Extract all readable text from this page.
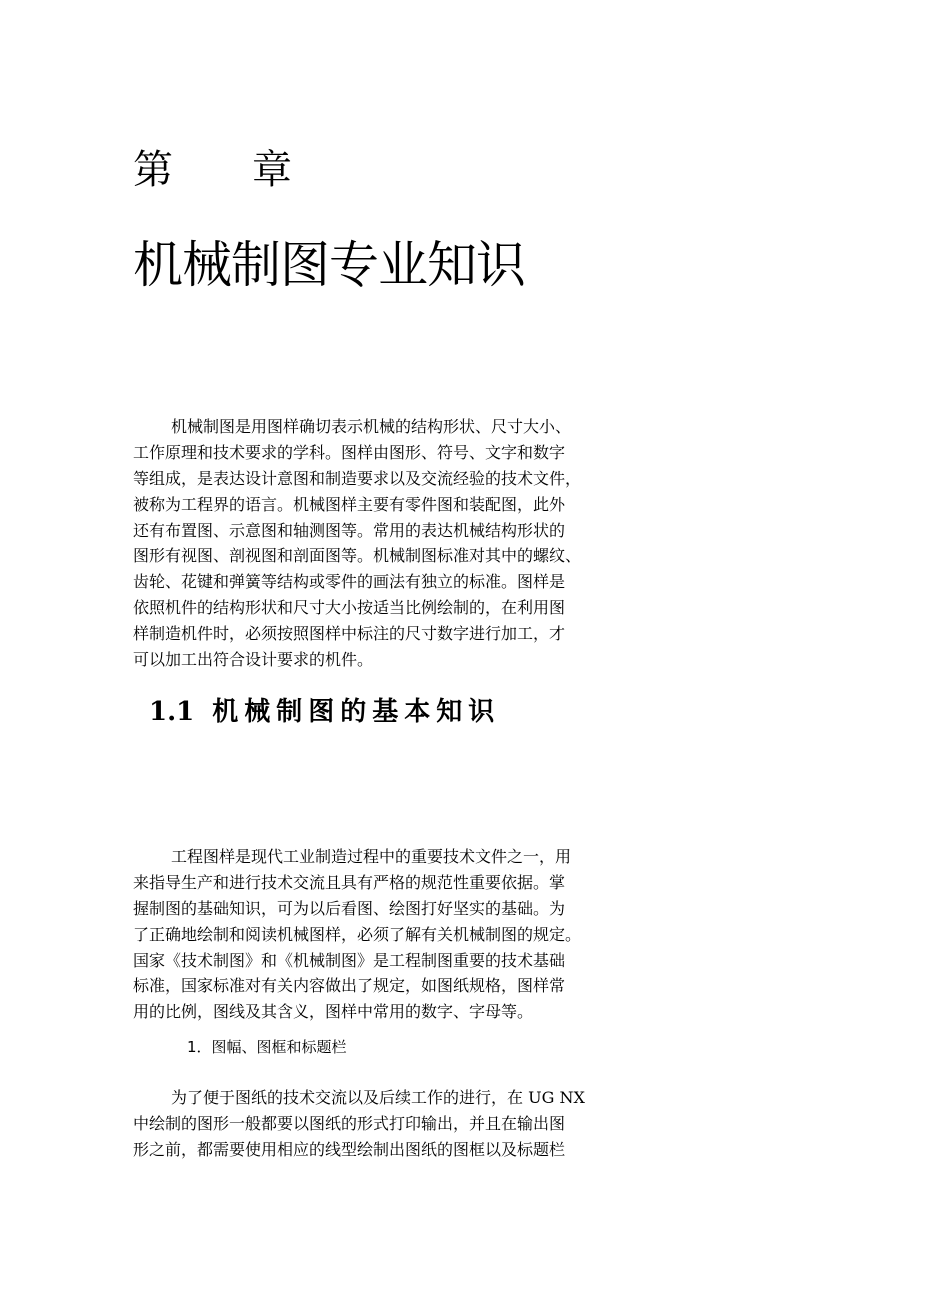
第 章
机械制图专业知识
机械制图是用图样确切表示机械的结构形状、尺寸大小、
工作原理和技术要求的学科。图样由图形、符号、文字和数字
等组成，是表达设计意图和制造要求以及交流经验的技术文件，
被称为工程界的语言。机械图样主要有零件图和装配图，此外
还有布置图、示意图和轴测图等。常用的表达机械结构形状的
图形有视图、剖视图和剖面图等。机械制图标准对其中的螺纹、
齿轮、花键和弹簧等结构或零件的画法有独立的标准。图样是
依照机件的结构形状和尺寸大小按适当比例绘制的，在利用图
样制造机件时，必须按照图样中标注的尺寸数字进行加工，才
可以加工出符合设计要求的机件。
1.1 机械制图的基本知识
工程图样是现代工业制造过程中的重要技术文件之一，用
来指导生产和进行技术交流且具有严格的规范性重要依据。掌
握制图的基础知识，可为以后看图、绘图打好坚实的基础。为
了正确地绘制和阅读机械图样，必须了解有关机械制图的规定。
国家《技术制图》和《机械制图》是工程制图重要的技术基础
标准，国家标准对有关内容做出了规定，如图纸规格，图样常
用的比例，图线及其含义，图样中常用的数字、字母等。
1．图幅、图框和标题栏
为了便于图纸的技术交流以及后续工作的进行，在 UG NX
中绘制的图形一般都要以图纸的形式打印输出，并且在输出图
形之前，都需要使用相应的线型绘制出图纸的图框以及标题栏
